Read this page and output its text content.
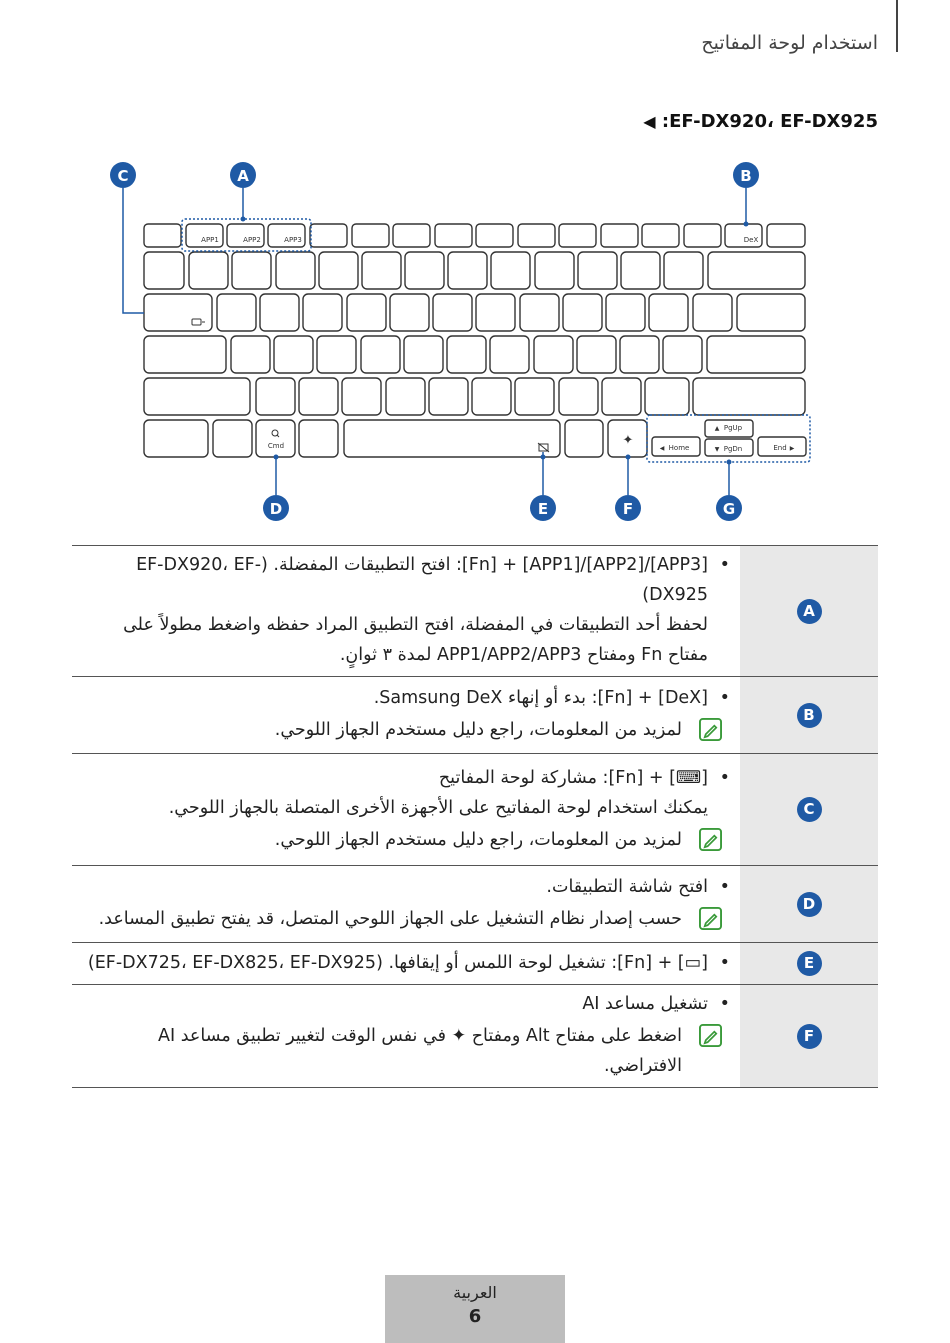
استخدام لوحة المفاتيح
EF-DX920، EF-DX925: ◀
APP1	APP2	APP3	DeX
Cmd
PgUp
PgDn
Home	End
▲
▼
◀	▶
✦
C	A	B
D	E	F	G
A	• [APP3]/[APP2]/[APP1] + [Fn]: افتح التطبيقات المفضلة. (EF-DX920، EF-DX925)
لحفظ أحد التطبيقات في المفضلة، افتح التطبيق المراد حفظه واضغط مطولاً على مفتاح Fn ومفتاح APP1/APP2/APP3 لمدة ٣ ثوانٍ.

B	• [DeX] + [Fn]: بدء أو إنهاء Samsung DeX.
لمزيد من المعلومات، راجع دليل مستخدم الجهاز اللوحي.

C	• [⌨] + [Fn]: مشاركة لوحة المفاتيح
يمكنك استخدام لوحة المفاتيح على الأجهزة الأخرى المتصلة بالجهاز اللوحي.
لمزيد من المعلومات، راجع دليل مستخدم الجهاز اللوحي.

D	• افتح شاشة التطبيقات.
حسب إصدار نظام التشغيل على الجهاز اللوحي المتصل، قد يفتح تطبيق المساعد.

E	• [▭] + [Fn]: تشغيل لوحة اللمس أو إيقافها. (EF-DX725، EF-DX825، EF-DX925)

F	• تشغيل مساعد AI
اضغط على مفتاح Alt ومفتاح ✦ في نفس الوقت لتغيير تطبيق مساعد AI الافتراضي.
العربية
6
